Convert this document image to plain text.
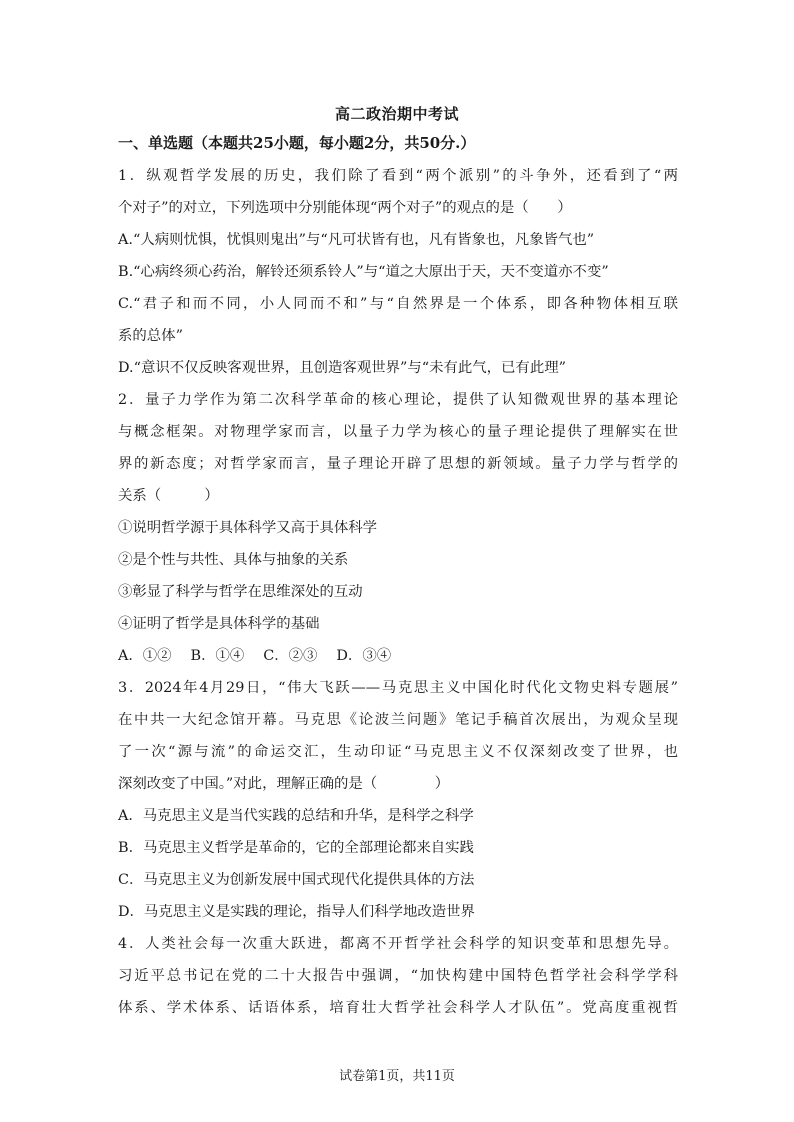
高二政治期中考试
一、单选题（本题共25小题，每小题2分，共50分.）
1．纵观哲学发展的历史，我们除了看到“两个派别”的斗争外，还看到了“两
个对子”的对立，下列选项中分别能体现“两个对子”的观点的是（　　）
A.“人病则忧惧，忧惧则鬼出”与“凡可状皆有也，凡有皆象也，凡象皆气也”
B.“心病终须心药治，解铃还须系铃人”与“道之大原出于天，天不变道亦不变”
C.“君子和而不同，小人同而不和”与“自然界是一个体系，即各种物体相互联
系的总体”
D.“意识不仅反映客观世界，且创造客观世界”与“未有此气，已有此理”
2．量子力学作为第二次科学革命的核心理论，提供了认知微观世界的基本理论
与概念框架。对物理学家而言，以量子力学为核心的量子理论提供了理解实在世
界的新态度；对哲学家而言，量子理论开辟了思想的新领域。量子力学与哲学的
关系（　　　）
①说明哲学源于具体科学又高于具体科学
②是个性与共性、具体与抽象的关系
③彰显了科学与哲学在思维深处的互动
④证明了哲学是具体科学的基础
A．①②　 B．①④　 C．②③　 D．③④
3．2024年4月29日，“伟大飞跃——马克思主义中国化时代化文物史料专题展”
在中共一大纪念馆开幕。马克思《论波兰问题》笔记手稿首次展出，为观众呈现
了一次“源与流”的命运交汇，生动印证“马克思主义不仅深刻改变了世界，也
深刻改变了中国。”对此，理解正确的是（　　　　）
A．马克思主义是当代实践的总结和升华，是科学之科学
B．马克思主义哲学是革命的，它的全部理论都来自实践
C．马克思主义为创新发展中国式现代化提供具体的方法
D．马克思主义是实践的理论，指导人们科学地改造世界
4．人类社会每一次重大跃进，都离不开哲学社会科学的知识变革和思想先导。
习近平总书记在党的二十大报告中强调，“加快构建中国特色哲学社会科学学科
体系、学术体系、话语体系，培育壮大哲学社会科学人才队伍”。党高度重视哲
试卷第1页，共11页
